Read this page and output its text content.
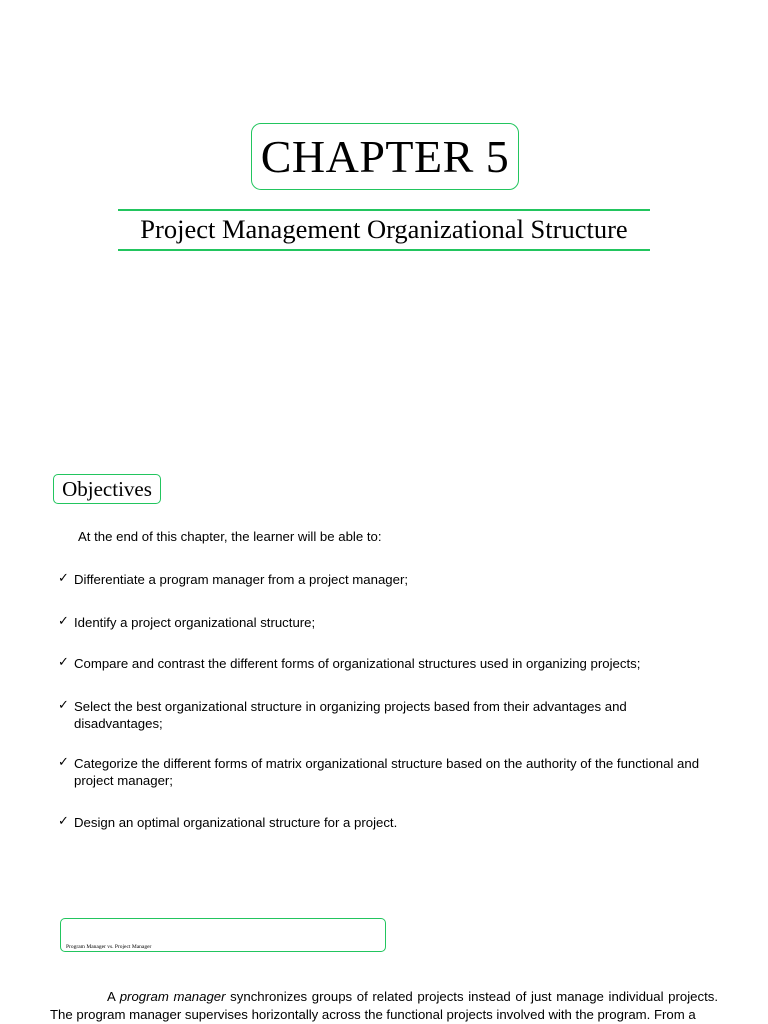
CHAPTER 5
Project Management Organizational Structure
Objectives
At the end of this chapter, the learner will be able to:
✓ Differentiate a program manager from a project manager;
✓ Identify a project organizational structure;
✓ Compare and contrast the different forms of organizational structures used in organizing projects;
✓ Select the best organizational structure in organizing projects based from their advantages and disadvantages;
✓ Categorize the different forms of matrix organizational structure based on the authority of the functional and project manager;
✓ Design an optimal organizational structure for a project.
Program Manager vs. Project Manager

A program manager synchronizes groups of related projects instead of just manage individual projects. The program manager supervises horizontally across the functional projects involved with the program. From a
